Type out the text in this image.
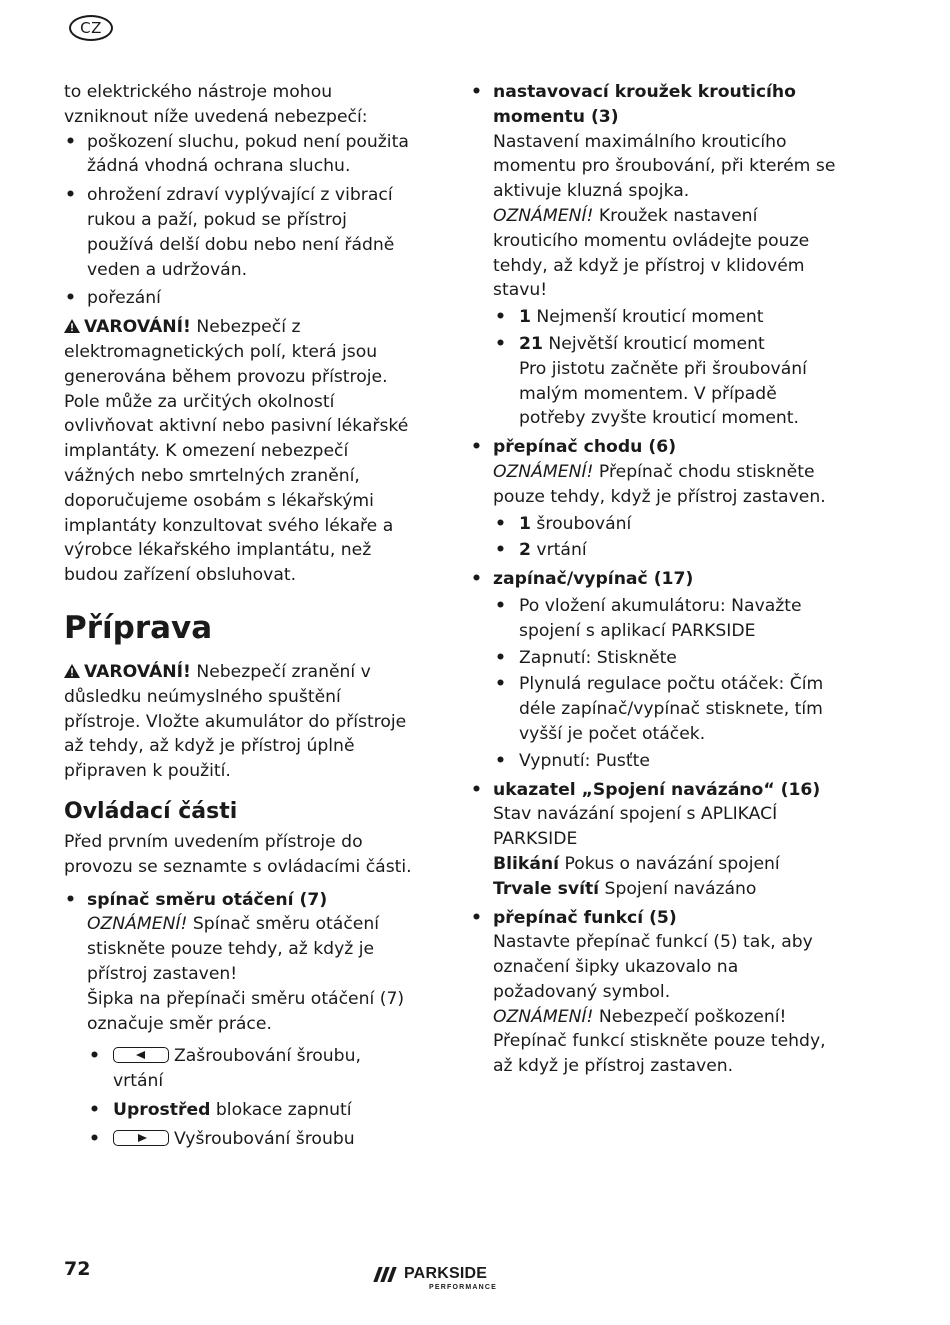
CZ

to elektrického nástroje mohou vzniknout níže uvedená nebezpečí:

• poškození sluchu, pokud není použita žádná vhodná ochrana sluchu.
• ohrožení zdraví vyplývající z vibrací rukou a paží, pokud se přístroj používá delší dobu nebo není řádně veden a udržován.
• pořezání

VAROVÁNÍ! Nebezpečí z elektromagnetických polí, která jsou generována během provozu přístroje. Pole může za určitých okolností ovlivňovat aktivní nebo pasivní lékařské implantáty. K omezení nebezpečí vážných nebo smrtelných zranění, doporučujeme osobám s lékařskými implantáty konzultovat svého lékaře a výrobce lékařského implantátu, než budou zařízení obsluhovat.

Příprava

VAROVÁNÍ! Nebezpečí zranění v důsledku neúmyslného spuštění přístroje. Vložte akumulátor do přístroje až tehdy, až když je přístroj úplně připraven k použití.

Ovládací části

Před prvním uvedením přístroje do provozu se seznamte s ovládacími části.

• spínač směru otáčení (7)
OZNÁMENÍ! Spínač směru otáčení stiskněte pouze tehdy, až když je přístroj zastaven!
Šipka na přepínači směru otáčení (7) označuje směr práce.
• Zašroubování šroubu, vrtání
• Uprostřed blokace zapnutí
• Vyšroubování šroubu
• nastavovací kroužek krouticího momentu (3)
Nastavení maximálního krouticího momentu pro šroubování, při kterém se aktivuje kluzná spojka.
OZNÁMENÍ! Kroužek nastavení krouticího momentu ovládejte pouze tehdy, až když je přístroj v klidovém stavu!
• 1 Nejmenší krouticí moment
• 21 Největší krouticí moment
Pro jistotu začněte při šroubování malým momentem. V případě potřeby zvyšte krouticí moment.
• přepínač chodu (6)
OZNÁMENÍ! Přepínač chodu stiskněte pouze tehdy, když je přístroj zastaven.
• 1 šroubování
• 2 vrtání
• zapínač/vypínač (17)
• Po vložení akumulátoru: Navažte spojení s aplikací PARKSIDE
• Zapnutí: Stiskněte
• Plynulá regulace počtu otáček: Čím déle zapínač/vypínač stisknete, tím vyšší je počet otáček.
• Vypnutí: Pusťte
• ukazatel „Spojení navázáno“ (16)
Stav navázání spojení s APLIKACÍ PARKSIDE
Blikání Pokus o navázání spojení
Trvale svítí Spojení navázáno
• přepínač funkcí (5)
Nastavte přepínač funkcí (5) tak, aby označení šipky ukazovalo na požadovaný symbol.
OZNÁMENÍ! Nebezpečí poškození! Přepínač funkcí stiskněte pouze tehdy, až když je přístroj zastaven.
72	PARKSIDE
PERFORMANCE
